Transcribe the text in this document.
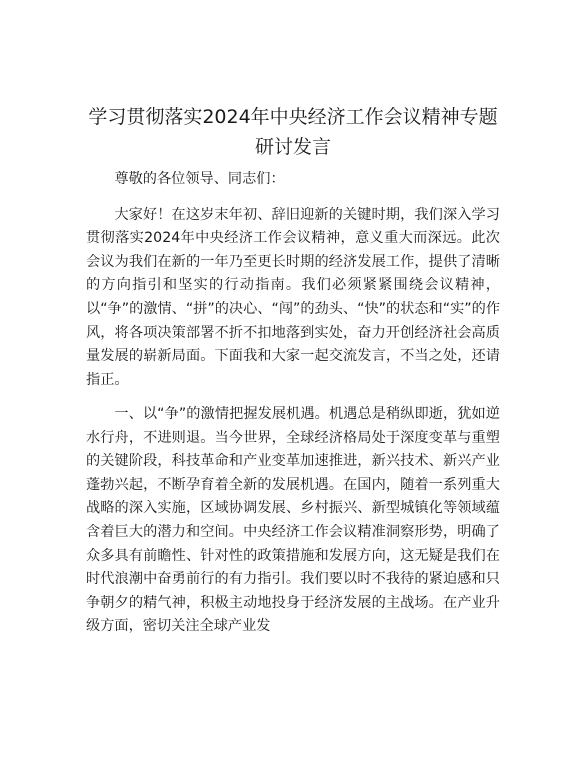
学习贯彻落实2024年中央经济工作会议精神专题研讨发言

尊敬的各位领导、同志们：

大家好！在这岁末年初、辞旧迎新的关键时期，我们深入学习贯彻落实2024年中央经济工作会议精神，意义重大而深远。此次会议为我们在新的一年乃至更长时期的经济发展工作，提供了清晰的方向指引和坚实的行动指南。我们必须紧紧围绕会议精神，以“争”的激情、“拼”的决心、“闯”的劲头、“快”的状态和“实”的作风，将各项决策部署不折不扣地落到实处，奋力开创经济社会高质量发展的崭新局面。下面我和大家一起交流发言，不当之处，还请指正。

一、以“争”的激情把握发展机遇。机遇总是稍纵即逝，犹如逆水行舟，不进则退。当今世界，全球经济格局处于深度变革与重塑的关键阶段，科技革命和产业变革加速推进，新兴技术、新兴产业蓬勃兴起，不断孕育着全新的发展机遇。在国内，随着一系列重大战略的深入实施，区域协调发展、乡村振兴、新型城镇化等领域蕴含着巨大的潜力和空间。中央经济工作会议精准洞察形势，明确了众多具有前瞻性、针对性的政策措施和发展方向，这无疑是我们在时代浪潮中奋勇前行的有力指引。我们要以时不我待的紧迫感和只争朝夕的精气神，积极主动地投身于经济发展的主战场。在产业升级方面，密切关注全球产业发
